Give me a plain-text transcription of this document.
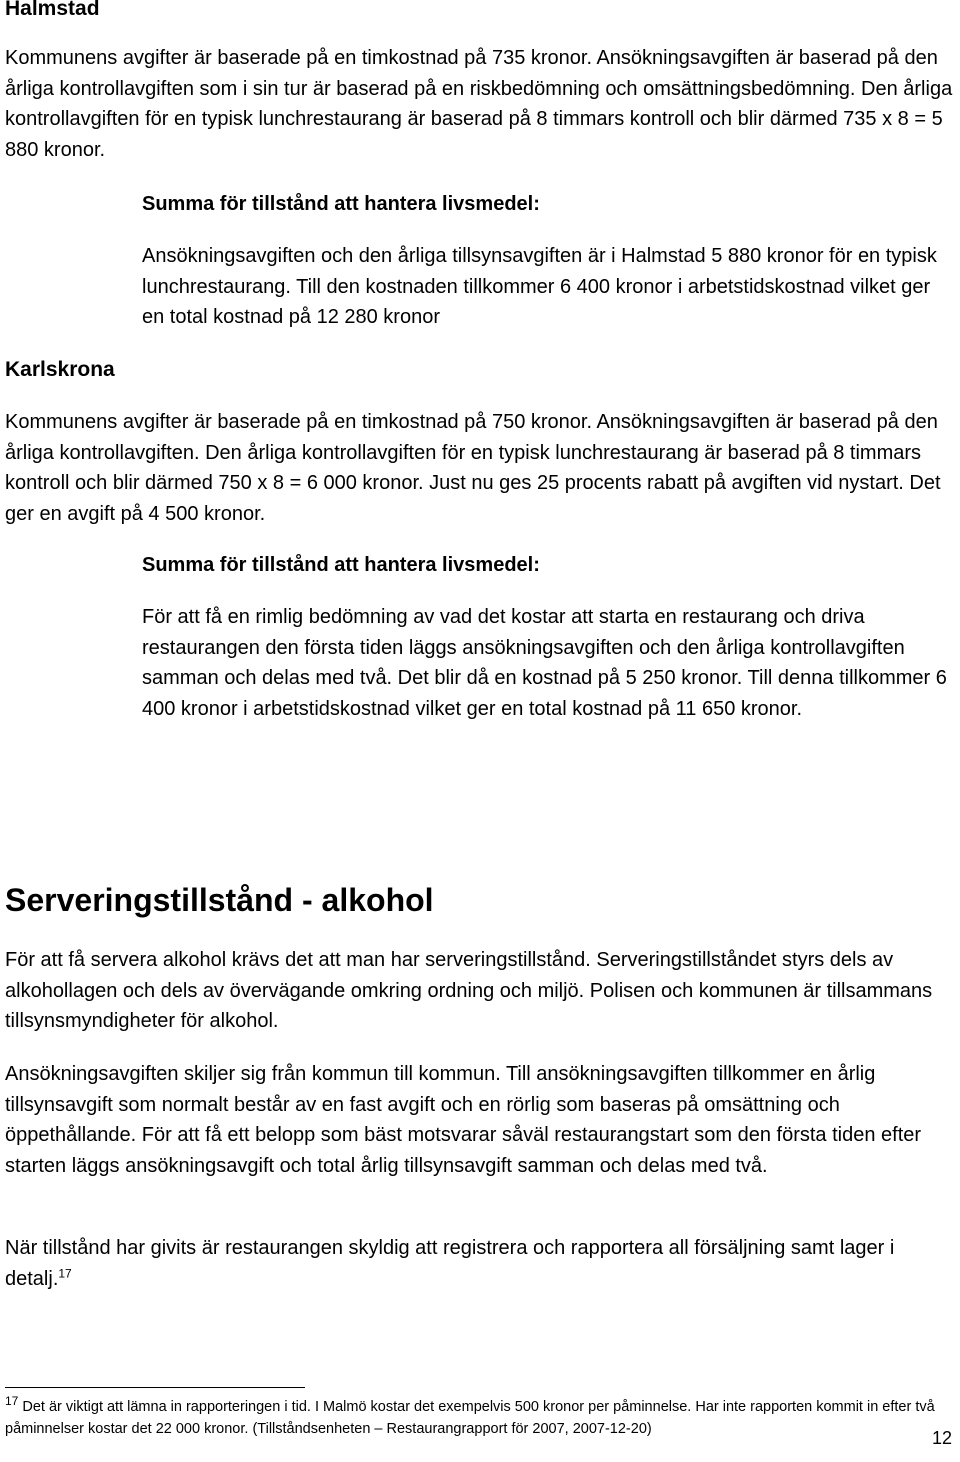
Halmstad

Kommunens avgifter är baserade på en timkostnad på 735 kronor. Ansökningsavgiften är baserad på den årliga kontrollavgiften som i sin tur är baserad på en riskbedömning och omsättningsbedömning. Den årliga kontrollavgiften för en typisk lunchrestaurang är baserad på 8 timmars kontroll och blir därmed 735 x 8 = 5 880 kronor.

Summa för tillstånd att hantera livsmedel:

Ansökningsavgiften och den årliga tillsynsavgiften är i Halmstad 5 880 kronor för en typisk lunchrestaurang. Till den kostnaden tillkommer 6 400 kronor i arbetstidskostnad vilket ger en total kostnad på 12 280 kronor

Karlskrona

Kommunens avgifter är baserade på en timkostnad på 750 kronor. Ansökningsavgiften är baserad på den årliga kontrollavgiften. Den årliga kontrollavgiften för en typisk lunchrestaurang är baserad på 8 timmars kontroll och blir därmed 750 x 8 = 6 000 kronor. Just nu ges 25 procents rabatt på avgiften vid nystart. Det ger en avgift på 4 500 kronor.

Summa för tillstånd att hantera livsmedel:

För att få en rimlig bedömning av vad det kostar att starta en restaurang och driva restaurangen den första tiden läggs ansökningsavgiften och den årliga kontrollavgiften samman och delas med två. Det blir då en kostnad på 5 250 kronor. Till denna tillkommer 6 400 kronor i arbetstidskostnad vilket ger en total kostnad på 11 650 kronor.

Serveringstillstånd - alkohol

För att få servera alkohol krävs det att man har serveringstillstånd. Serveringstillståndet styrs dels av alkohollagen och dels av övervägande omkring ordning och miljö. Polisen och kommunen är tillsammans tillsynsmyndigheter för alkohol.

Ansökningsavgiften skiljer sig från kommun till kommun. Till ansökningsavgiften tillkommer en årlig tillsynsavgift som normalt består av en fast avgift och en rörlig som baseras på omsättning och öppethållande. För att få ett belopp som bäst motsvarar såväl restaurangstart som den första tiden efter starten läggs ansökningsavgift och total årlig tillsynsavgift samman och delas med två.

När tillstånd har givits är restaurangen skyldig att registrera och rapportera all försäljning samt lager i detalj.$^{17}$

$^{17}$ Det är viktigt att lämna in rapporteringen i tid. I Malmö kostar det exempelvis 500 kronor per påminnelse. Har inte rapporten kommit in efter två påminnelser kostar det 22 000 kronor. (Tillståndsenheten – Restaurangrapport för 2007, 2007-12-20)	12
